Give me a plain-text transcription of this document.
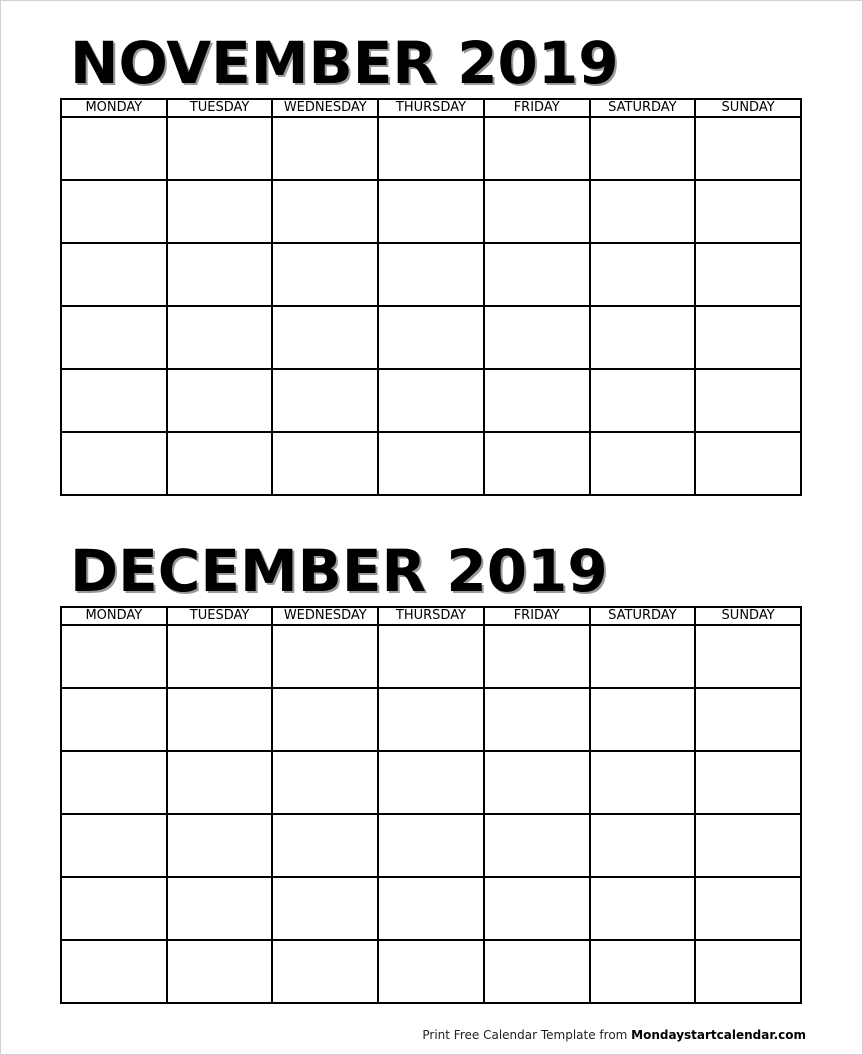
NOVEMBER 2019
MONDAY	TUESDAY	WEDNESDAY	THURSDAY	FRIDAY	SATURDAY	SUNDAY

DECEMBER 2019
MONDAY	TUESDAY	WEDNESDAY	THURSDAY	FRIDAY	SATURDAY	SUNDAY

Print Free Calendar Template from Mondaystartcalendar.com
